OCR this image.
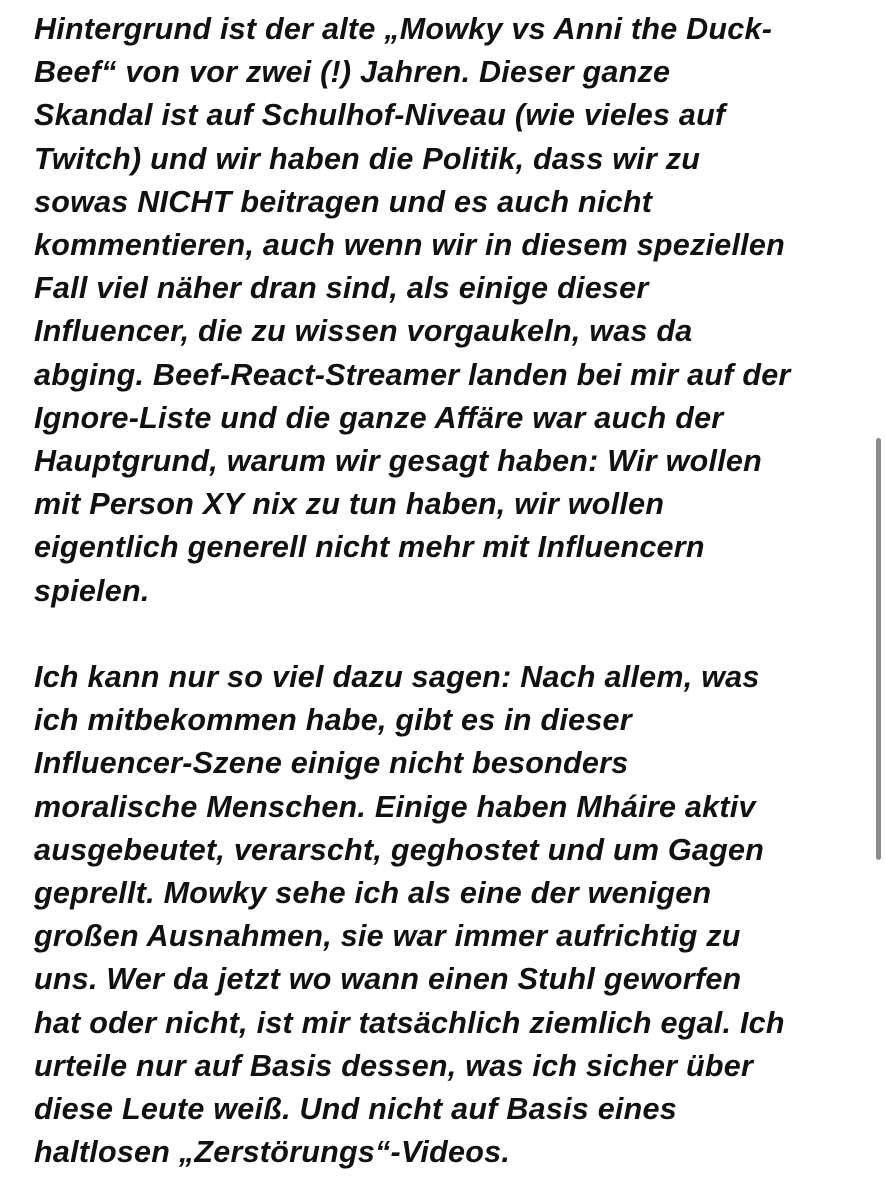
Hintergrund ist der alte „Mowky vs Anni the Duck-
Beef“ von vor zwei (!) Jahren. Dieser ganze
Skandal ist auf Schulhof-Niveau (wie vieles auf
Twitch) und wir haben die Politik, dass wir zu
sowas NICHT beitragen und es auch nicht
kommentieren, auch wenn wir in diesem speziellen
Fall viel näher dran sind, als einige dieser
Influencer, die zu wissen vorgaukeln, was da
abging. Beef-React-Streamer landen bei mir auf der
Ignore-Liste und die ganze Affäre war auch der
Hauptgrund, warum wir gesagt haben: Wir wollen
mit Person XY nix zu tun haben, wir wollen
eigentlich generell nicht mehr mit Influencern
spielen.

Ich kann nur so viel dazu sagen: Nach allem, was
ich mitbekommen habe, gibt es in dieser
Influencer-Szene einige nicht besonders
moralische Menschen. Einige haben Mháire aktiv
ausgebeutet, verarscht, geghostet und um Gagen
geprellt. Mowky sehe ich als eine der wenigen
großen Ausnahmen, sie war immer aufrichtig zu
uns. Wer da jetzt wo wann einen Stuhl geworfen
hat oder nicht, ist mir tatsächlich ziemlich egal. Ich
urteile nur auf Basis dessen, was ich sicher über
diese Leute weiß. Und nicht auf Basis eines
haltlosen „Zerstörungs“-Videos.
